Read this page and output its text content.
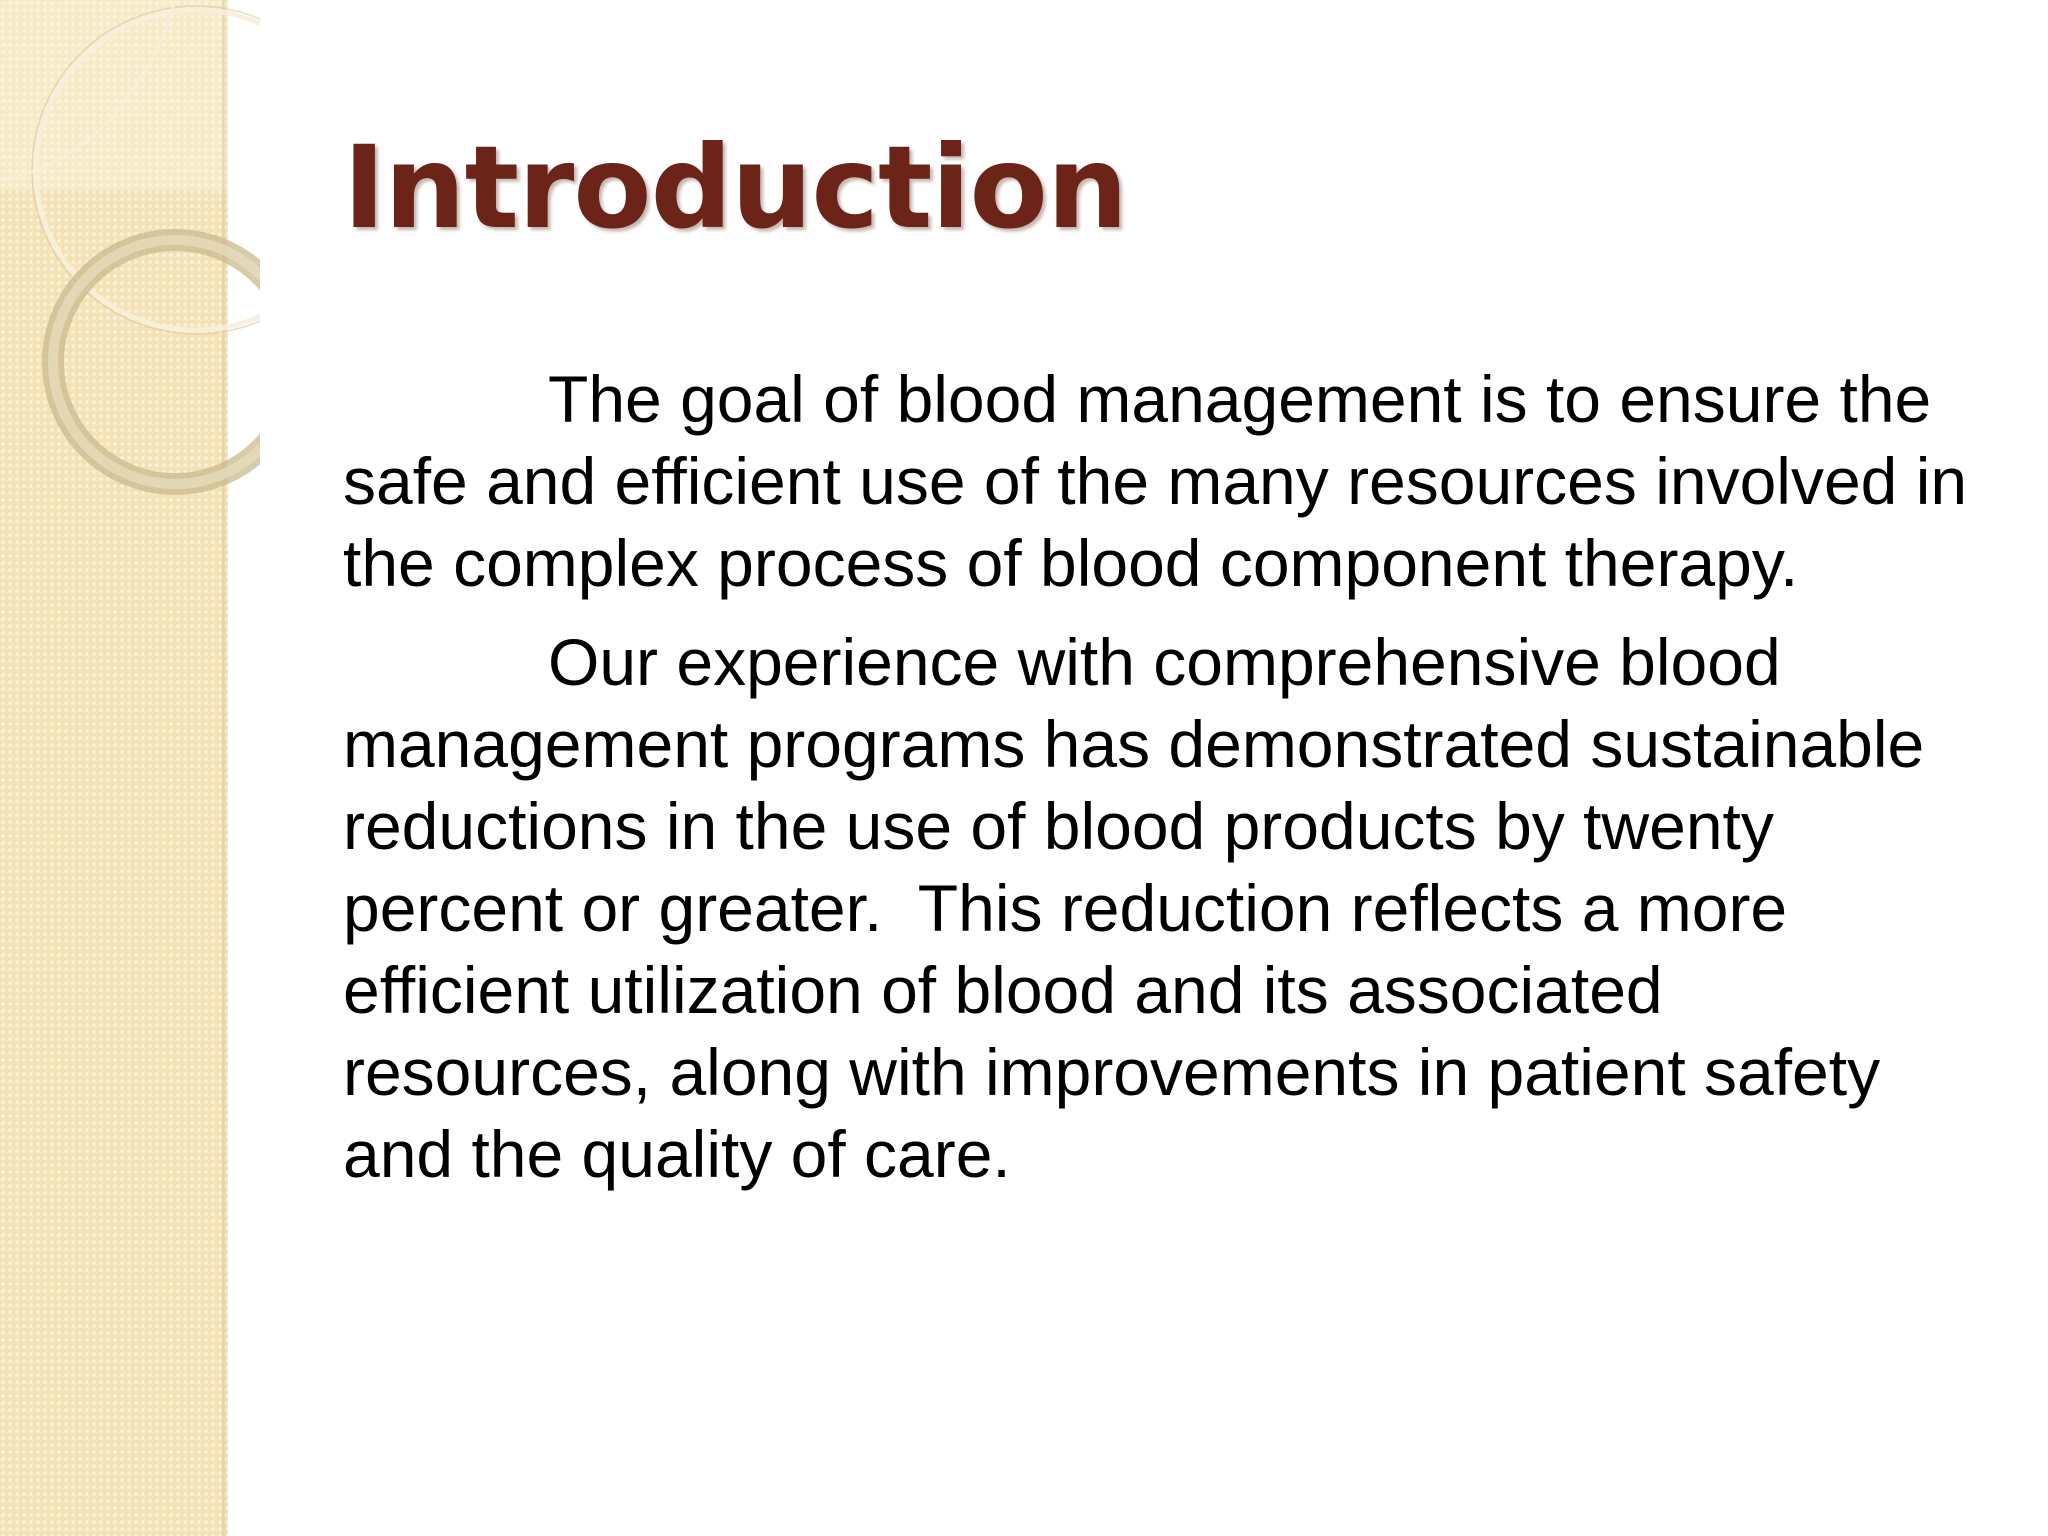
Introduction

The goal of blood management is to ensure the safe and efficient use of the many resources involved in the complex process of blood component therapy.

Our experience with comprehensive blood management programs has demonstrated sustainable reductions in the use of blood products by twenty percent or greater.  This reduction reflects a more efficient utilization of blood and its associated resources, along with improvements in patient safety and the quality of care.
